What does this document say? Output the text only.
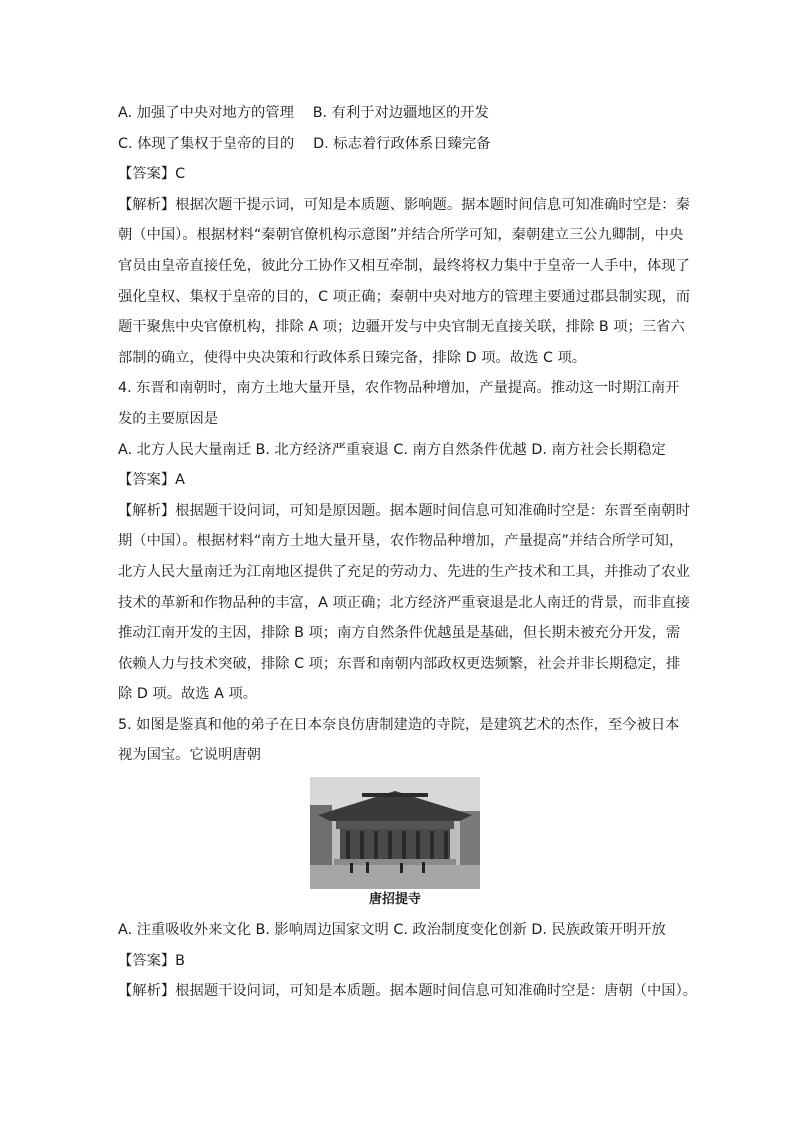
A. 加强了中央对地方的管理　 B. 有利于对边疆地区的开发
C. 体现了集权于皇帝的目的　 D. 标志着行政体系日臻完备
【答案】C
【解析】根据次题干提示词，可知是本质题、影响题。据本题时间信息可知准确时空是：秦
朝（中国）。根据材料“秦朝官僚机构示意图”并结合所学可知，秦朝建立三公九卿制，中央
官员由皇帝直接任免，彼此分工协作又相互牵制，最终将权力集中于皇帝一人手中，体现了
强化皇权、集权于皇帝的目的，C 项正确；秦朝中央对地方的管理主要通过郡县制实现，而
题干聚焦中央官僚机构，排除 A 项；边疆开发与中央官制无直接关联，排除 B 项；三省六
部制的确立，使得中央决策和行政体系日臻完备，排除 D 项。故选 C 项。
4. 东晋和南朝时，南方土地大量开垦，农作物品种增加，产量提高。推动这一时期江南开
发的主要原因是
A. 北方人民大量南迁 B. 北方经济严重衰退 C. 南方自然条件优越 D. 南方社会长期稳定
【答案】A
【解析】根据题干设问词，可知是原因题。据本题时间信息可知准确时空是：东晋至南朝时
期（中国）。根据材料“南方土地大量开垦，农作物品种增加，产量提高”并结合所学可知，
北方人民大量南迁为江南地区提供了充足的劳动力、先进的生产技术和工具，并推动了农业
技术的革新和作物品种的丰富，A 项正确；北方经济严重衰退是北人南迁的背景，而非直接
推动江南开发的主因，排除 B 项；南方自然条件优越虽是基础，但长期未被充分开发，需
依赖人力与技术突破，排除 C 项；东晋和南朝内部政权更迭频繁，社会并非长期稳定，排
除 D 项。故选 A 项。
5. 如图是鉴真和他的弟子在日本奈良仿唐制建造的寺院，是建筑艺术的杰作，至今被日本
视为国宝。它说明唐朝
唐招提寺
A. 注重吸收外来文化 B. 影响周边国家文明 C. 政治制度变化创新 D. 民族政策开明开放
【答案】B
【解析】根据题干设问词，可知是本质题。据本题时间信息可知准确时空是：唐朝（中国）。
